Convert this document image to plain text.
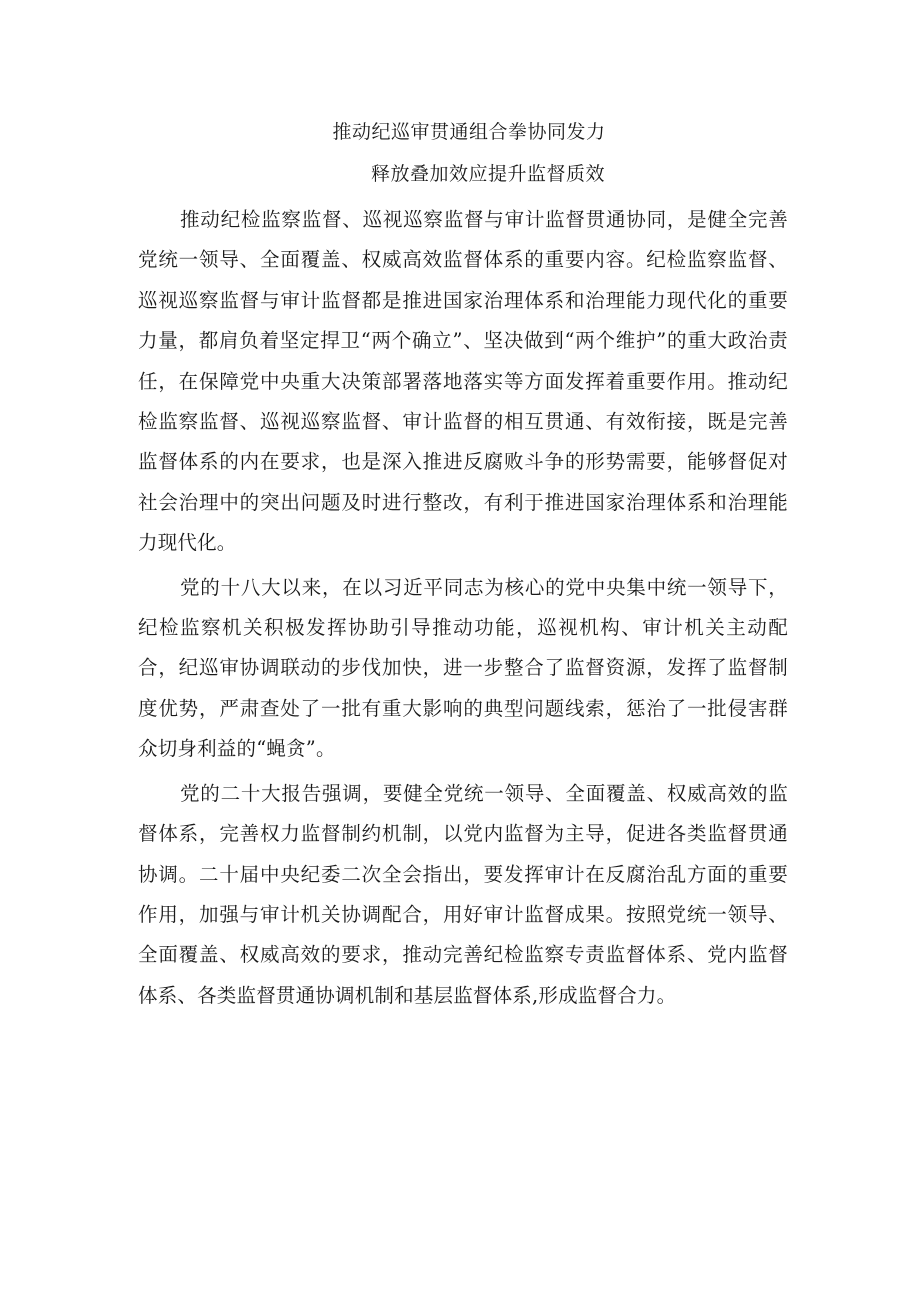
推动纪巡审贯通组合拳协同发力
释放叠加效应提升监督质效

推动纪检监察监督、巡视巡察监督与审计监督贯通协同，是健全完善党统一领导、全面覆盖、权威高效监督体系的重要内容。纪检监察监督、巡视巡察监督与审计监督都是推进国家治理体系和治理能力现代化的重要力量，都肩负着坚定捍卫“两个确立”、坚决做到“两个维护”的重大政治责任，在保障党中央重大决策部署落地落实等方面发挥着重要作用。推动纪检监察监督、巡视巡察监督、审计监督的相互贯通、有效衔接，既是完善监督体系的内在要求，也是深入推进反腐败斗争的形势需要，能够督促对社会治理中的突出问题及时进行整改，有利于推进国家治理体系和治理能力现代化。

党的十八大以来，在以习近平同志为核心的党中央集中统一领导下，纪检监察机关积极发挥协助引导推动功能，巡视机构、审计机关主动配合，纪巡审协调联动的步伐加快，进一步整合了监督资源，发挥了监督制度优势，严肃查处了一批有重大影响的典型问题线索，惩治了一批侵害群众切身利益的“蝇贪”。

党的二十大报告强调，要健全党统一领导、全面覆盖、权威高效的监督体系，完善权力监督制约机制，以党内监督为主导，促进各类监督贯通协调。二十届中央纪委二次全会指出，要发挥审计在反腐治乱方面的重要作用，加强与审计机关协调配合，用好审计监督成果。按照党统一领导、全面覆盖、权威高效的要求，推动完善纪检监察专责监督体系、党内监督体系、各类监督贯通协调机制和基层监督体系,形成监督合力。
